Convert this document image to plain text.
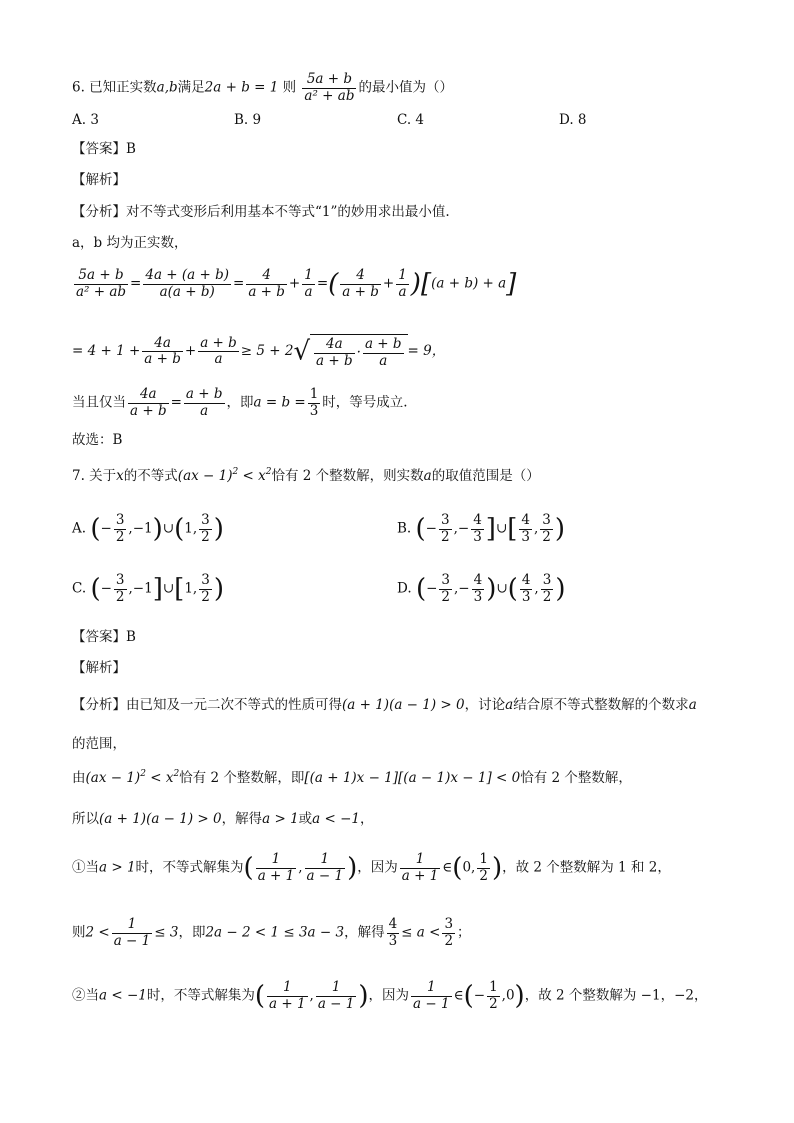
6. 已知正实数a,b满足2a + b = 1 则 $\frac{5a + b}{\text{a² + ab}}$ 的最小值为（）
A. 3	B. 9	C. 4	D. 8
【答案】B
【解析】
【分析】对不等式变形后利用基本不等式“1”的妙用求出最小值.
a，b 均为正实数，
$\frac{5a + b}{\text{a² + ab}} = \frac{4a + (a + b)}{a(a + b)} = \frac{4}{a + b} + \frac{1}{a}$ =( $\frac{4}{a + b} + \frac{1}{a} )[(a + b) + a]$
= $4 + 1 + \frac{4a}{a + b} + \frac{a + b}{a} \ge 5 + 2√ \frac{4a}{a + b} \cdot \frac{a + b}{a} = 9$，
当且仅当 $\frac{4a}{a + b} = \frac{a + b}{a}$ ，即$a = b = \frac{1}{3}$ 时，等号成立.
故选：B
7. 关于x的不等式$(ax - 1)^2 < x^2$恰有 2 个整数解，则实数a的取值范围是（）
A. (− $\frac{3}{2}$ ,−1)∪(1, $\frac{3}{2}$ )	B. (− $\frac{3}{2}$ ,− $\frac{4}{3}$ ]∪[ $\frac{4}{3}$ , $\frac{3}{2}$ )
C. (− $\frac{3}{2}$ ,−1]∪[1, $\frac{3}{2}$ )	D. (− $\frac{3}{2}$ ,− $\frac{4}{3}$ )∪( $\frac{4}{3}$ , $\frac{3}{2}$ )
【答案】B
【解析】
【分析】由已知及一元二次不等式的性质可得(a + 1)(a − 1) > 0，讨论a结合原不等式整数解的个数求a
的范围，
由$(ax - 1)^2 < x^2$恰有 2 个整数解，即[(a + 1)x − 1][(a − 1)x − 1] < 0恰有 2 个整数解，
所以(a + 1)(a − 1) > 0，解得a > 1或a < −1，
①当a > 1时，不等式解集为( $\frac{1}{a + 1}$ , $\frac{1}{a - 1}$ )，因为 $\frac{1}{a + 1}$ ∈(0, $\frac{1}{2}$ )，故 2 个整数解为 1 和 2，
则$2 < \frac{1}{a - 1} \le 3$，即2a − 2 < 1 ≤ 3a − 3，解得 $\frac{4}{3} \le a < \frac{3}{2}$ ；
②当a < −1时，不等式解集为( $\frac{1}{a + 1}$ , $\frac{1}{a - 1}$ )，因为 $\frac{1}{a - 1}$ ∈(− $\frac{1}{2} ,0$)，故 2 个整数解为 −1，−2，
